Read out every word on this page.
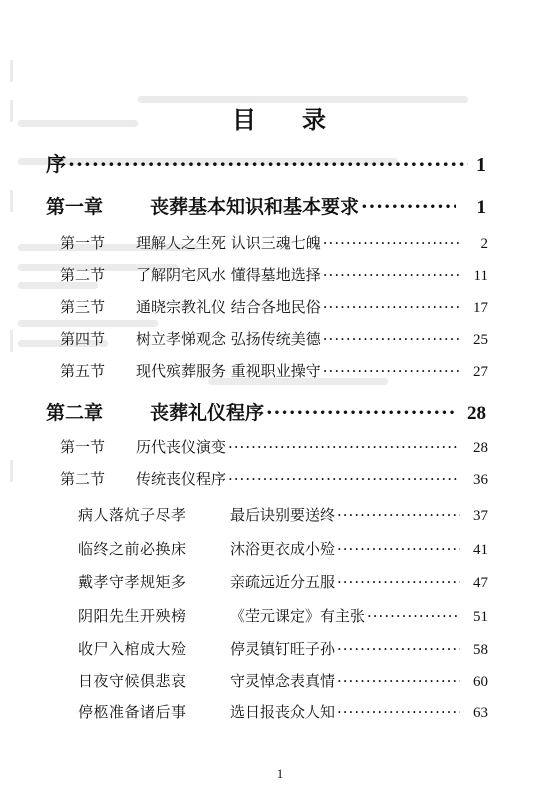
目 录
序 ·····	1
第一章	丧葬基本知识和基本要求 ·····	1
第一节	理解人之生死 认识三魂七魄 ·····	2
第二节	了解阴宅风水 懂得墓地选择 ·····	11
第三节	通晓宗教礼仪 结合各地民俗 ·····	17
第四节	树立孝悌观念 弘扬传统美德 ·····	25
第五节	现代殡葬服务 重视职业操守 ·····	27
第二章	丧葬礼仪程序 ·····	28
第一节	历代丧仪演变 ·····	28
第二节	传统丧仪程序 ·····	36
病人落炕子尽孝	最后诀别要送终 ·····	37
临终之前必换床	沐浴更衣成小殓 ·····	41
戴孝守孝规矩多	亲疏远近分五服 ·····	47
阴阳先生开殃榜	《茔元课定》有主张 ·····	51
收尸入棺成大殓	停灵镇钉旺子孙 ·····	58
日夜守候俱悲哀	守灵悼念表真情 ·····	60
停柩准备诸后事	选日报丧众人知 ·····	63
1
